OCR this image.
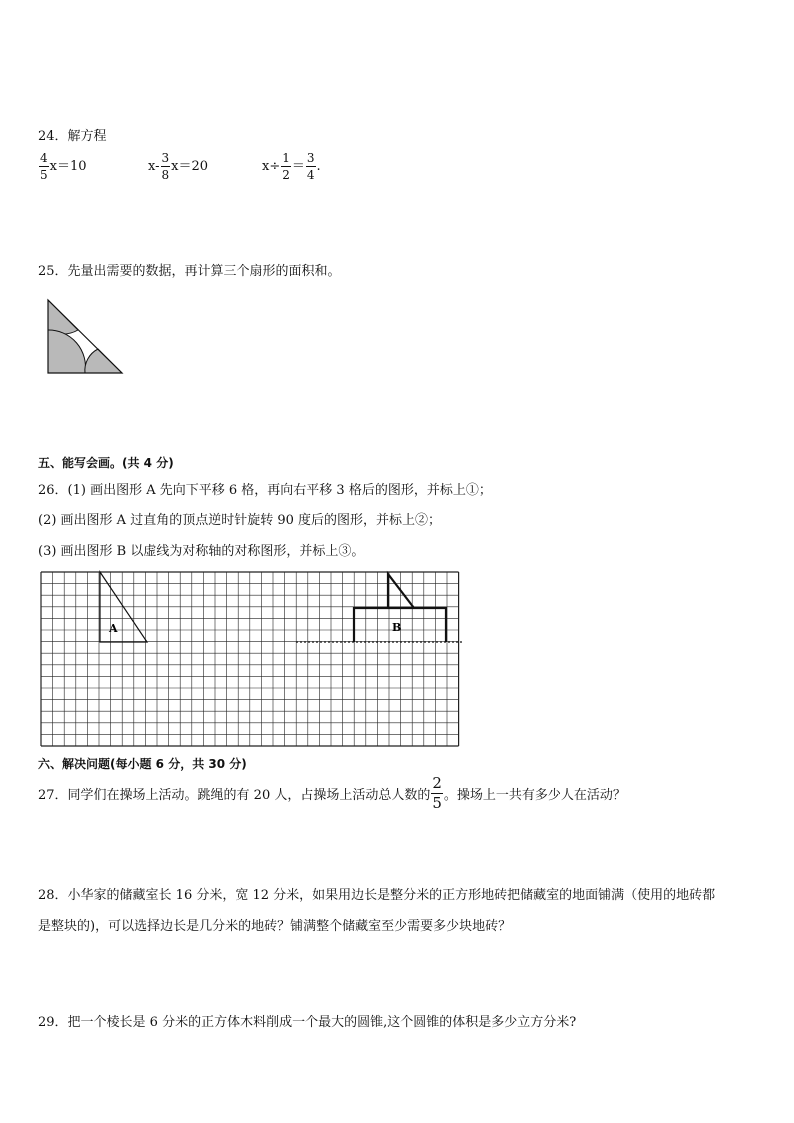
24．解方程
$\frac{4}{5} x=10$	$x- \frac{3}{8} x=20$	$x\div \frac{1}{2} = \frac{3}{4}$ .
25．先量出需要的数据，再计算三个扇形的面积和。
五、能写会画。(共 4 分)
26．(1) 画出图形 A 先向下平移 6 格，再向右平移 3 格后的图形，并标上①；
(2) 画出图形 A 过直角的顶点逆时针旋转 90 度后的图形，并标上②；
(3) 画出图形 B 以虚线为对称轴的对称图形，并标上③。
A	B
六、解决问题(每小题 6 分，共 30 分)
27．同学们在操场上活动。跳绳的有 20 人，占操场上活动总人数的 $\frac{2}{5}$ 。操场上一共有多少人在活动？
28．小华家的储藏室长 16 分米，宽 12 分米，如果用边长是整分米的正方形地砖把储藏室的地面铺满（使用的地砖都
是整块的)，可以选择边长是几分米的地砖？铺满整个储藏室至少需要多少块地砖？
29．把一个棱长是 6 分米的正方体木料削成一个最大的圆锥,这个圆锥的体积是多少立方分米?
